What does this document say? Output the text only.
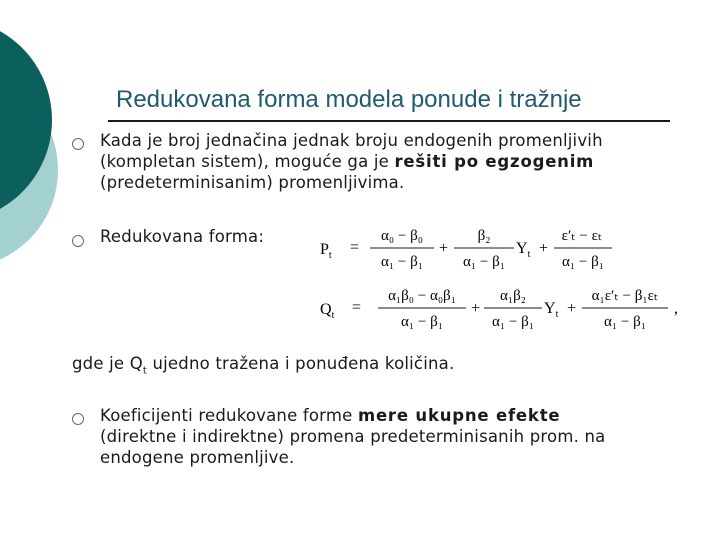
Redukovana forma modela ponude i tražnje
Kada je broj jednačina jednak broju endogenih promenljivih
(kompletan sistem), moguće ga je rešiti po egzogenim
(predeterminisanim) promenljivima.
Redukovana forma:
$P_t$ =
α₀ − β₀
α₁ − β₁
+
β₂
α₁ − β₁
$Y_t$ +
ε′ₜ − εₜ
α₁ − β₁
$Q_t$ =
α₁β₀ − α₀β₁
α₁ − β₁
+
α₁β₂
α₁ − β₁
$Y_t$ +
α₁ε′ₜ − β₁εₜ
α₁ − β₁
,
gde je $Q_t$ ujedno tražena i ponuđena količina.
Koeficijenti redukovane forme mere ukupne efekte
(direktne i indirektne) promena predeterminisanih prom. na
endogene promenljive.
